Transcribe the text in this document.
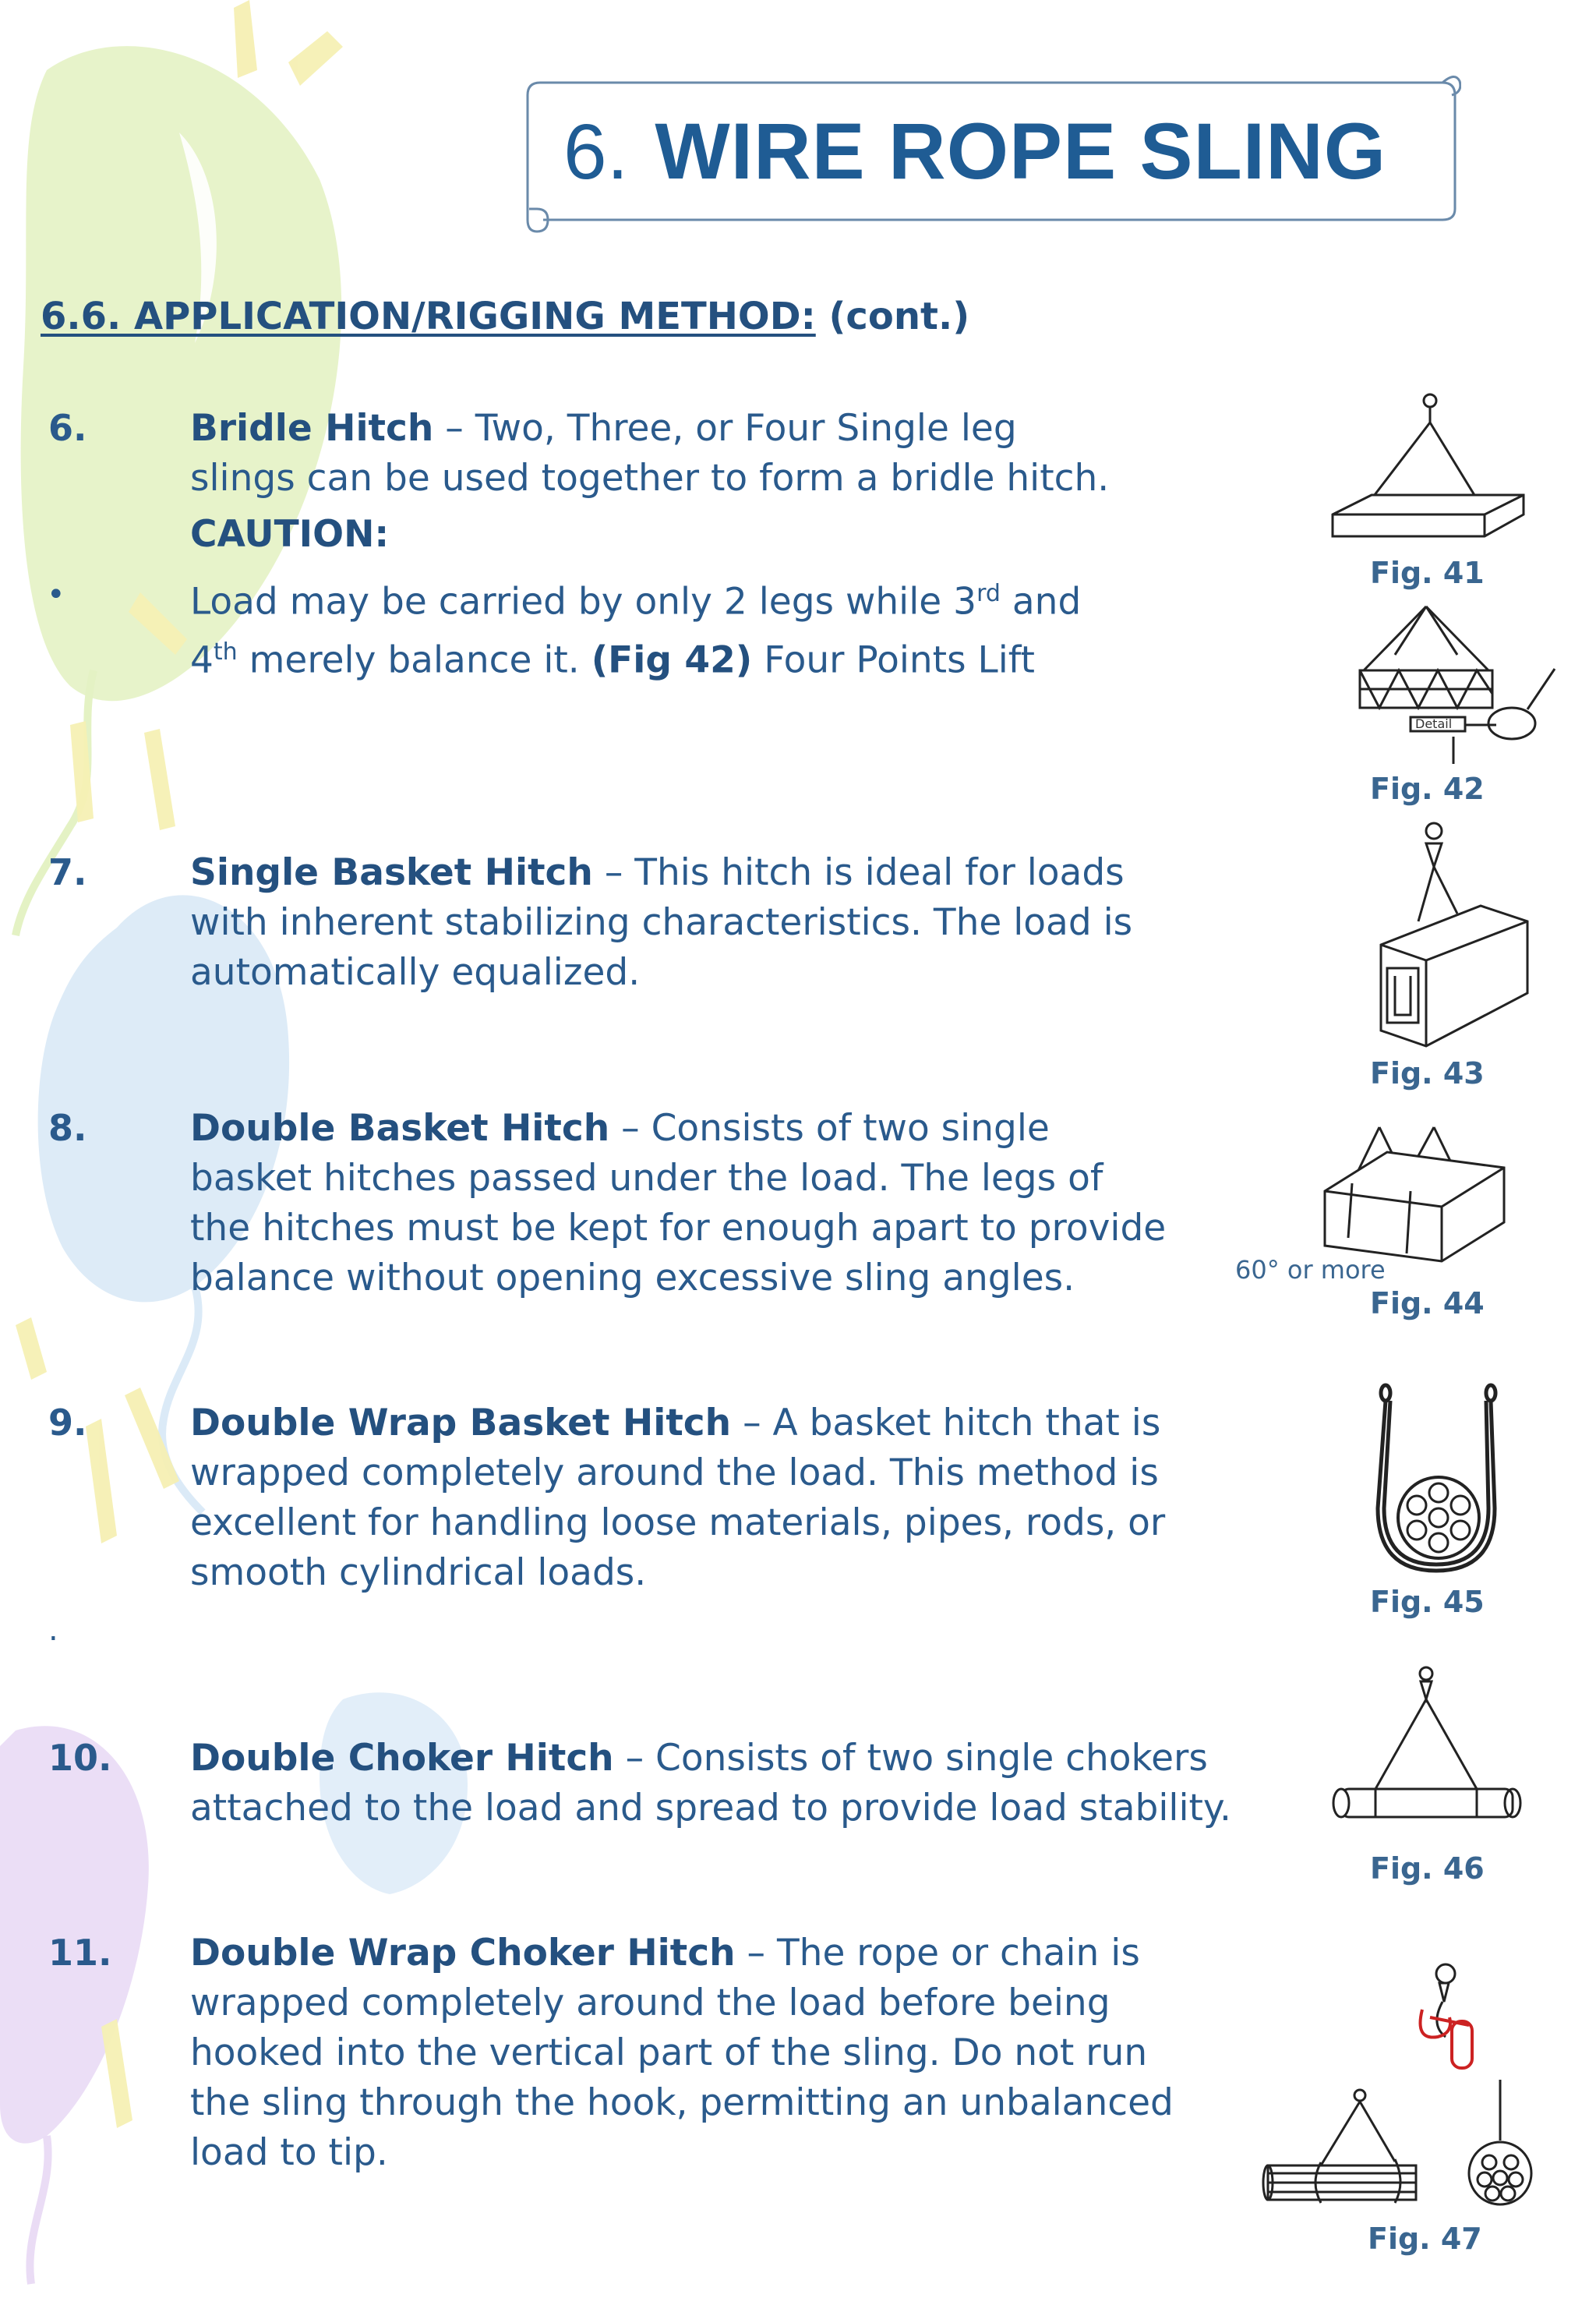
6. WIRE ROPE SLING
6.6. APPLICATION/RIGGING METHOD: (cont.)
6.	Bridle Hitch – Two, Three, or Four Single leg
slings can be used together to form a bridle hitch.
CAUTION:
•	Load may be carried by only 2 legs while 3rd and
4th merely balance it. (Fig 42) Four Points Lift
7.	Single Basket Hitch – This hitch is ideal for loads
with inherent stabilizing characteristics. The load is
automatically equalized.
8.	Double Basket Hitch – Consists of two single
basket hitches passed under the load. The legs of
the hitches must be kept for enough apart to provide
balance without opening excessive sling angles.
9.	Double Wrap Basket Hitch – A basket hitch that is
wrapped completely around the load. This method is
excellent for handling loose materials, pipes, rods, or
smooth cylindrical loads.
.
10. Double Choker Hitch – Consists of two single chokers
attached to the load and spread to provide load stability.
11. Double Wrap Choker Hitch – The rope or chain is
wrapped completely around the load before being
hooked into the vertical part of the sling. Do not run
the sling through the hook, permitting an unbalanced
load to tip.
Fig. 41
Detail
Fig. 42
Fig. 43
60° or more
Fig. 44
Fig. 45
Fig. 46
Fig. 47
